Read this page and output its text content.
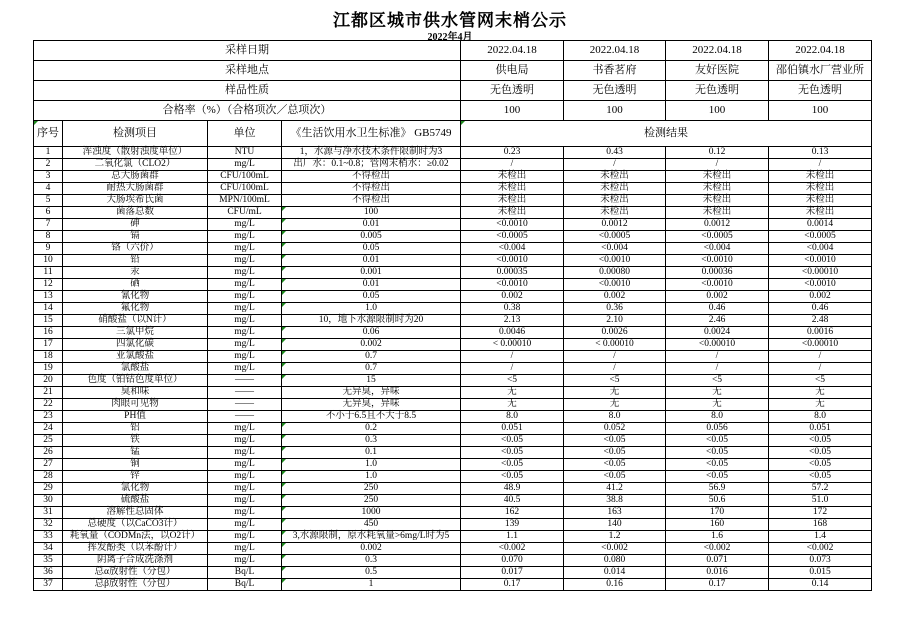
江都区城市供水管网末梢公示
2022年4月
采样日期				2022.04.18	2022.04.18	2022.04.18	2022.04.18
采样地点				供电局	书香茗府	友好医院	邵伯镇水厂营业所
样品性质				无色透明	无色透明	无色透明	无色透明
合格率（%）（合格项次／总项次）				100	100	100	100
序号	检测项目	单位	《生活饮用水卫生标准》 GB5749	检测结果			
1	浑浊度（散射浊度单位）	NTU	1，水源与净水技术条件限制时为3	0.23	0.43	0.12	0.13
2	二氧化氯（CLO2）	mg/L	出厂水：0.1~0.8；管网末梢水：≥0.02	/	/	/	/
3	总大肠菌群	CFU/100mL	不得检出	未检出	未检出	未检出	未检出
4	耐热大肠菌群	CFU/100mL	不得检出	未检出	未检出	未检出	未检出
5	大肠埃希氏菌	MPN/100mL	不得检出	未检出	未检出	未检出	未检出
6	菌落总数	CFU/mL	100	未检出	未检出	未检出	未检出
7	砷	mg/L	0.01	<0.0010	0.0012	0.0012	0.0014
8	镉	mg/L	0.005	<0.0005	<0.0005	<0.0005	<0.0005
9	铬（六价）	mg/L	0.05	<0.004	<0.004	<0.004	<0.004
10	铅	mg/L	0.01	<0.0010	<0.0010	<0.0010	<0.0010
11	汞	mg/L	0.001	0.00035	0.00080	0.00036	<0.00010
12	硒	mg/L	0.01	<0.0010	<0.0010	<0.0010	<0.0010
13	氰化物	mg/L	0.05	0.002	0.002	0.002	0.002
14	氟化物	mg/L	1.0	0.38	0.36	0.46	0.46
15	硝酸盐（以N计）	mg/L	10，地下水源限制时为20	2.13	2.10	2.46	2.48
16	三氯甲烷	mg/L	0.06	0.0046	0.0026	0.0024	0.0016
17	四氯化碳	mg/L	0.002	< 0.00010	< 0.00010	<0.00010	<0.00010
18	亚氯酸盐	mg/L	0.7	/	/	/	/
19	氯酸盐	mg/L	0.7	/	/	/	/
20	色度（铂钴色度单位）	——	15	<5	<5	<5	<5
21	臭和味	——	无异臭，异味	无	无	无	无
22	肉眼可见物	——	无异臭，异味	无	无	无	无
23	PH值	——	不小于6.5且不大于8.5	8.0	8.0	8.0	8.0
24	铝	mg/L	0.2	0.051	0.052	0.056	0.051
25	铁	mg/L	0.3	<0.05	<0.05	<0.05	<0.05
26	锰	mg/L	0.1	<0.05	<0.05	<0.05	<0.05
27	铜	mg/L	1.0	<0.05	<0.05	<0.05	<0.05
28	锌	mg/L	1.0	<0.05	<0.05	<0.05	<0.05
29	氯化物	mg/L	250	48.9	41.2	56.9	57.2
30	硫酸盐	mg/L	250	40.5	38.8	50.6	51.0
31	溶解性总固体	mg/L	1000	162	163	170	172
32	总硬度（以CaCO3计）	mg/L	450	139	140	160	168
33	耗氧量（CODMn法，以O2计）	mg/L	3,水源限制，原水耗氧量>6mg/L时为5	1.1	1.2	1.6	1.4
34	挥发酚类（以苯酚计）	mg/L	0.002	<0.002	<0.002	<0.002	<0.002
35	阴离子合成洗涤剂	mg/L	0.3	0.070	0.080	0.071	0.073
36	总α放射性（分包）	Bq/L	0.5	0.017	0.014	0.016	0.015
37	总β放射性（分包）	Bq/L	1	0.17	0.16	0.17	0.14
